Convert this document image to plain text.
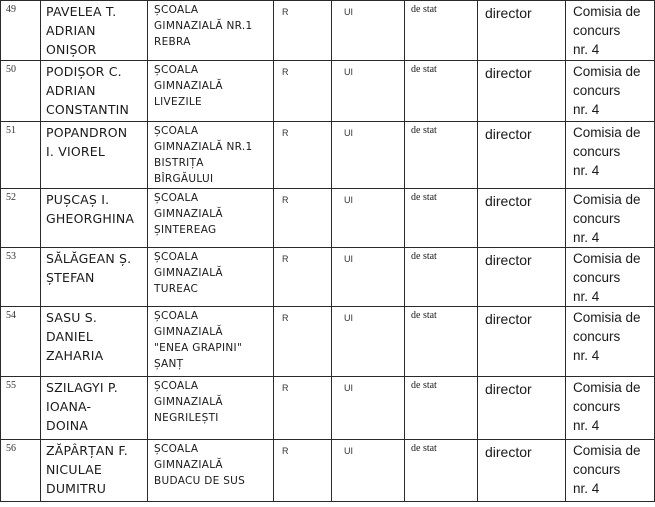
49	PAVELEA T.
ADRIAN
ONIȘOR	ȘCOALA
GIMNAZIALĂ NR.1
REBRA	R	UI	de stat	director	Comisia de
concurs
nr. 4

50	PODIȘOR C.
ADRIAN
CONSTANTIN	ȘCOALA
GIMNAZIALĂ
LIVEZILE	R	UI	de stat	director	Comisia de
concurs
nr. 4

51	POPANDRON
I. VIOREL	ȘCOALA
GIMNAZIALĂ NR.1
BISTRIȚA
BÎRGĂULUI	R	UI	de stat	director	Comisia de
concurs
nr. 4

52	PUȘCAȘ I.
GHEORGHINA	ȘCOALA
GIMNAZIALĂ
ȘINTEREAG	R	UI	de stat	director	Comisia de
concurs
nr. 4

53	SĂLĂGEAN Ș.
ȘTEFAN	ȘCOALA
GIMNAZIALĂ
TUREAC	R	UI	de stat	director	Comisia de
concurs
nr. 4

54	SASU S.
DANIEL
ZAHARIA	ȘCOALA
GIMNAZIALĂ
"ENEA GRAPINI"
ȘANȚ	R	UI	de stat	director	Comisia de
concurs
nr. 4

55	SZILAGYI P.
IOANA-
DOINA	ȘCOALA
GIMNAZIALĂ
NEGRILEȘTI	R	UI	de stat	director	Comisia de
concurs
nr. 4

56	ZĂPÂRȚAN F.
NICULAE
DUMITRU	ȘCOALA
GIMNAZIALĂ
BUDACU DE SUS	R	UI	de stat	director	Comisia de
concurs
nr. 4
